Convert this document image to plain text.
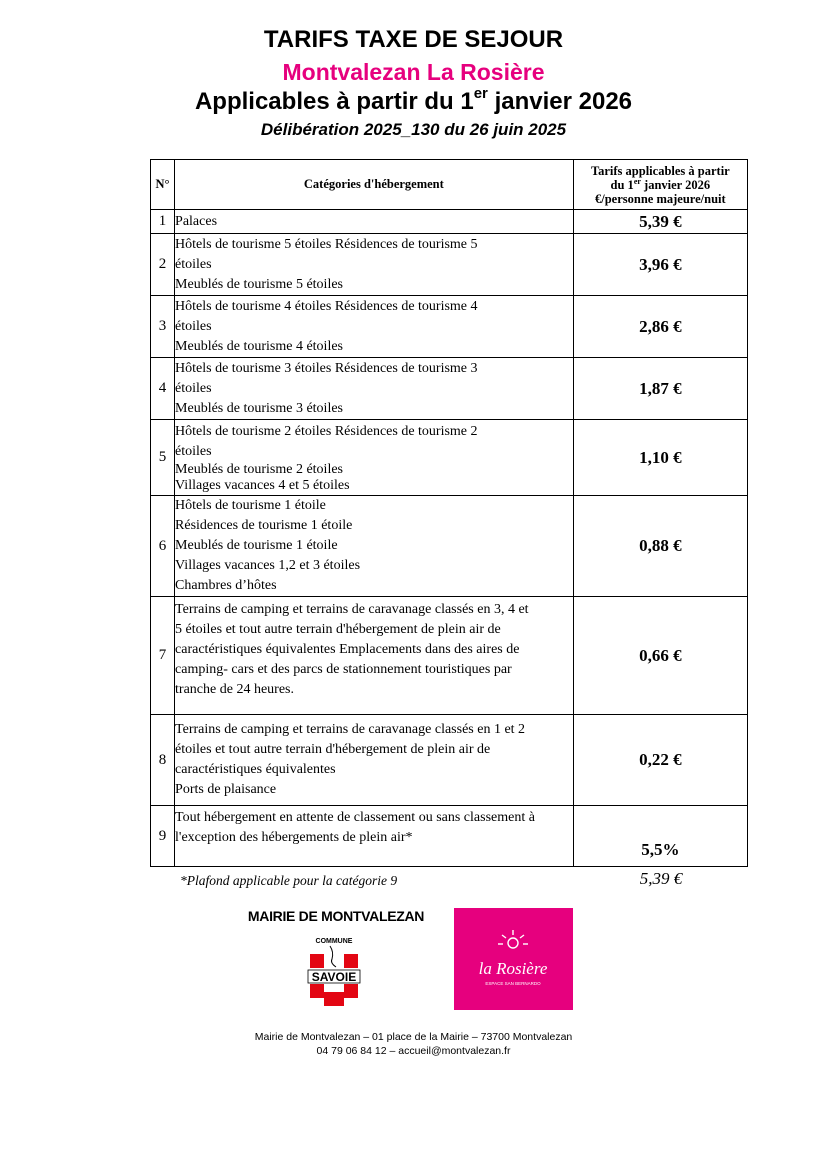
TARIFS TAXE DE SEJOUR
Montvalezan La Rosière
Applicables à partir du 1er janvier 2026
Délibération 2025_130 du 26 juin 2025
N°	Catégories d'hébergement	Tarifs applicables à partir
du 1er janvier 2026
€/personne majeure/nuit
1	Palaces	5,39 €
2	Hôtels de tourisme 5 étoiles Résidences de tourisme 5
étoiles
Meublés de tourisme 5 étoiles	3,96 €
3	Hôtels de tourisme 4 étoiles Résidences de tourisme 4
étoiles
Meublés de tourisme 4 étoiles	2,86 €
4	Hôtels de tourisme 3 étoiles Résidences de tourisme 3
étoiles
Meublés de tourisme 3 étoiles	1,87 €
5	Hôtels de tourisme 2 étoiles Résidences de tourisme 2
étoiles
Meublés de tourisme 2 étoiles
Villages vacances 4 et 5 étoiles	1,10 €
6	Hôtels de tourisme 1 étoile
Résidences de tourisme 1 étoile
Meublés de tourisme 1 étoile
Villages vacances 1,2 et 3 étoiles
Chambres d’hôtes	0,88 €
7	Terrains de camping et terrains de caravanage classés en 3, 4 et
5 étoiles et tout autre terrain d'hébergement de plein air de
caractéristiques équivalentes Emplacements dans des aires de
camping- cars et des parcs de stationnement touristiques par
tranche de 24 heures.	0,66 €
8	Terrains de camping et terrains de caravanage classés en 1 et 2
étoiles et tout autre terrain d'hébergement de plein air de
caractéristiques équivalentes
Ports de plaisance	0,22 €
9	Tout hébergement en attente de classement ou sans classement à
l'exception des hébergements de plein air*	5,5%
*Plafond applicable pour la catégorie 9	5,39 €
MAIRIE DE MONTVALEZAN
COMMUNE
SAVOIE	la Rosière
ESPACE SAN BERNARDO
Mairie de Montvalezan – 01 place de la Mairie – 73700 Montvalezan
04 79 06 84 12 – accueil@montvalezan.fr
